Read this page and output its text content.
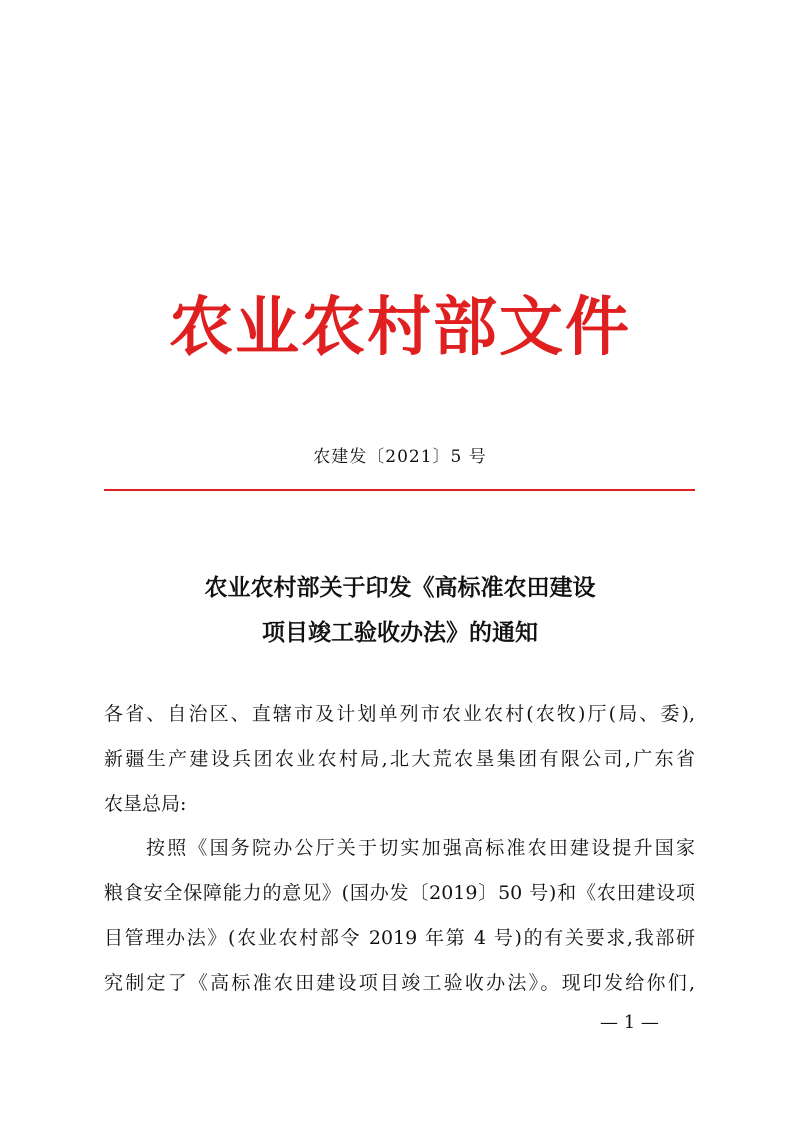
农业农村部文件
农建发〔2021〕5 号
农业农村部关于印发《高标准农田建设
项目竣工验收办法》的通知
各省、自治区、直辖市及计划单列市农业农村(农牧)厅(局、委),
新疆生产建设兵团农业农村局,北大荒农垦集团有限公司,广东省
农垦总局:
按照《国务院办公厅关于切实加强高标准农田建设提升国家
粮食安全保障能力的意见》(国办发〔2019〕50 号)和《农田建设项
目管理办法》(农业农村部令 2019 年第 4 号)的有关要求,我部研
究制定了《高标准农田建设项目竣工验收办法》。现印发给你们,
— 1 —
